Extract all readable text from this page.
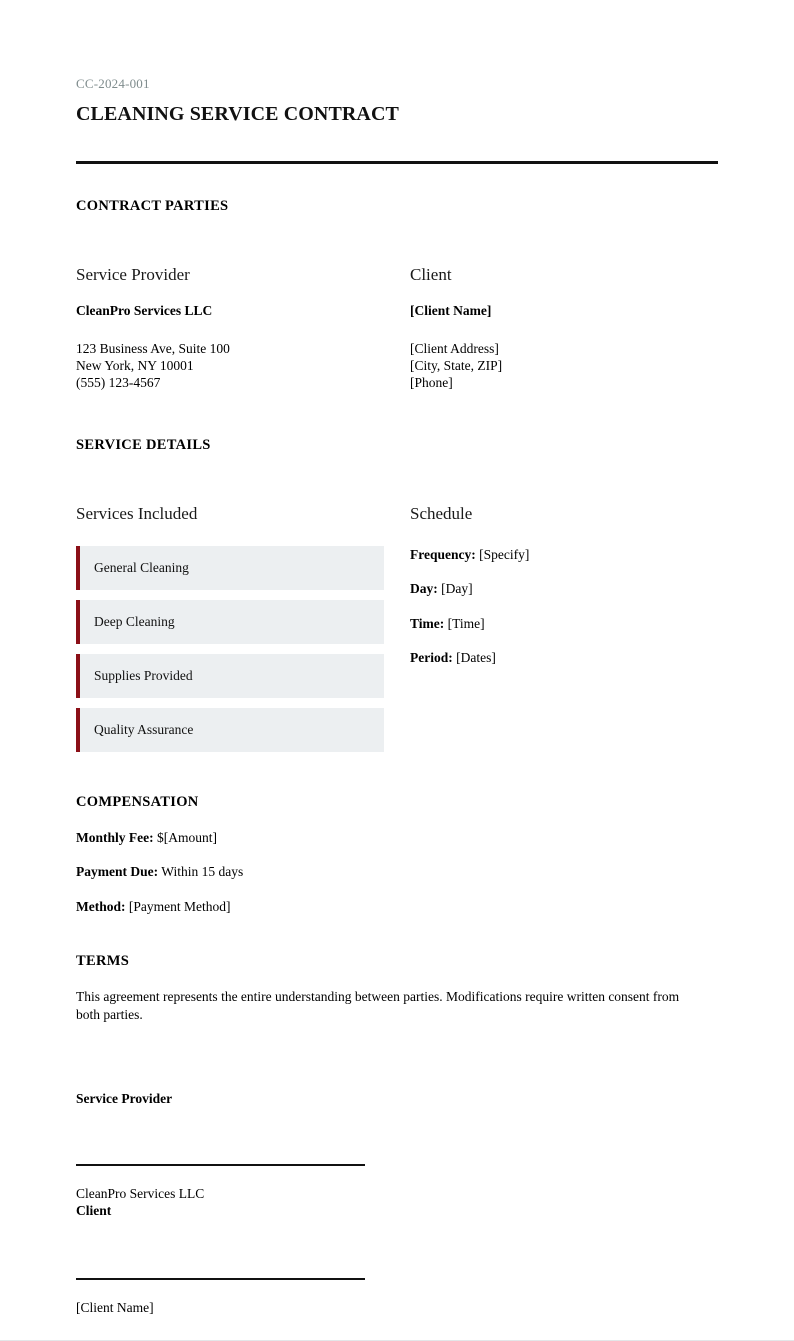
CC-2024-001
CLEANING SERVICE CONTRACT
CONTRACT PARTIES
Service Provider
CleanPro Services LLC
123 Business Ave, Suite 100
New York, NY 10001
(555) 123-4567
Client
[Client Name]
[Client Address]
[City, State, ZIP]
[Phone]
SERVICE DETAILS
Services Included
General Cleaning
Deep Cleaning
Supplies Provided
Quality Assurance
Schedule
Frequency: [Specify]
Day: [Day]
Time: [Time]
Period: [Dates]
COMPENSATION
Monthly Fee: $[Amount]
Payment Due: Within 15 days
Method: [Payment Method]
TERMS

This agreement represents the entire understanding between parties. Modifications require written consent from both parties.

Service Provider
CleanPro Services LLC
Client
[Client Name]
